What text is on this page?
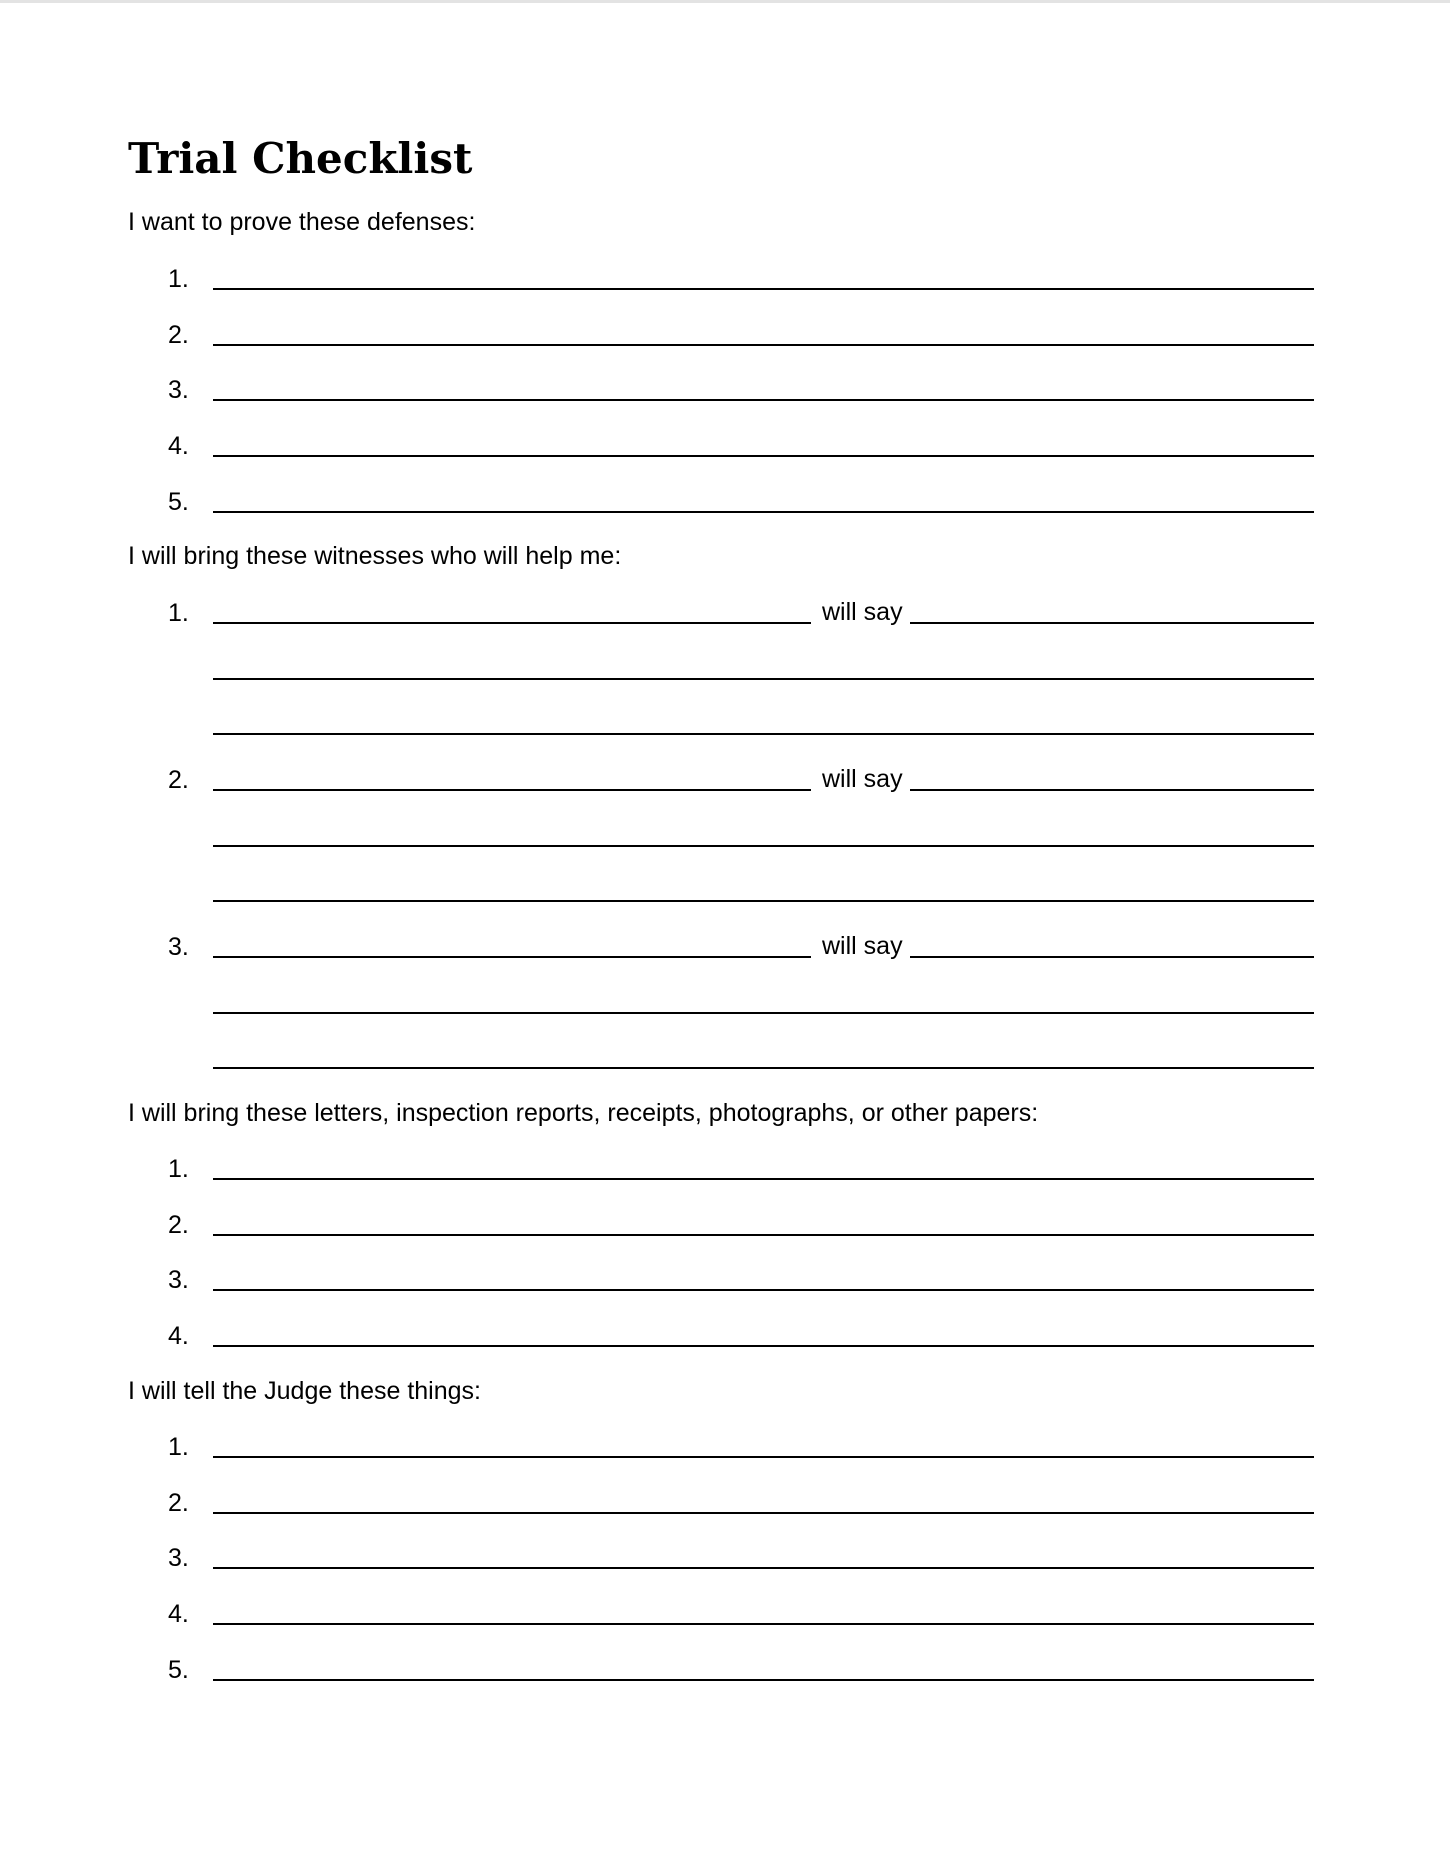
Trial Checklist
I want to prove these defenses:
1.
2.
3.
4.
5.
I will bring these witnesses who will help me:
1.	will say
2.	will say
3.	will say
I will bring these letters, inspection reports, receipts, photographs, or other papers:
1.
2.
3.
4.
I will tell the Judge these things:
1.
2.
3.
4.
5.
